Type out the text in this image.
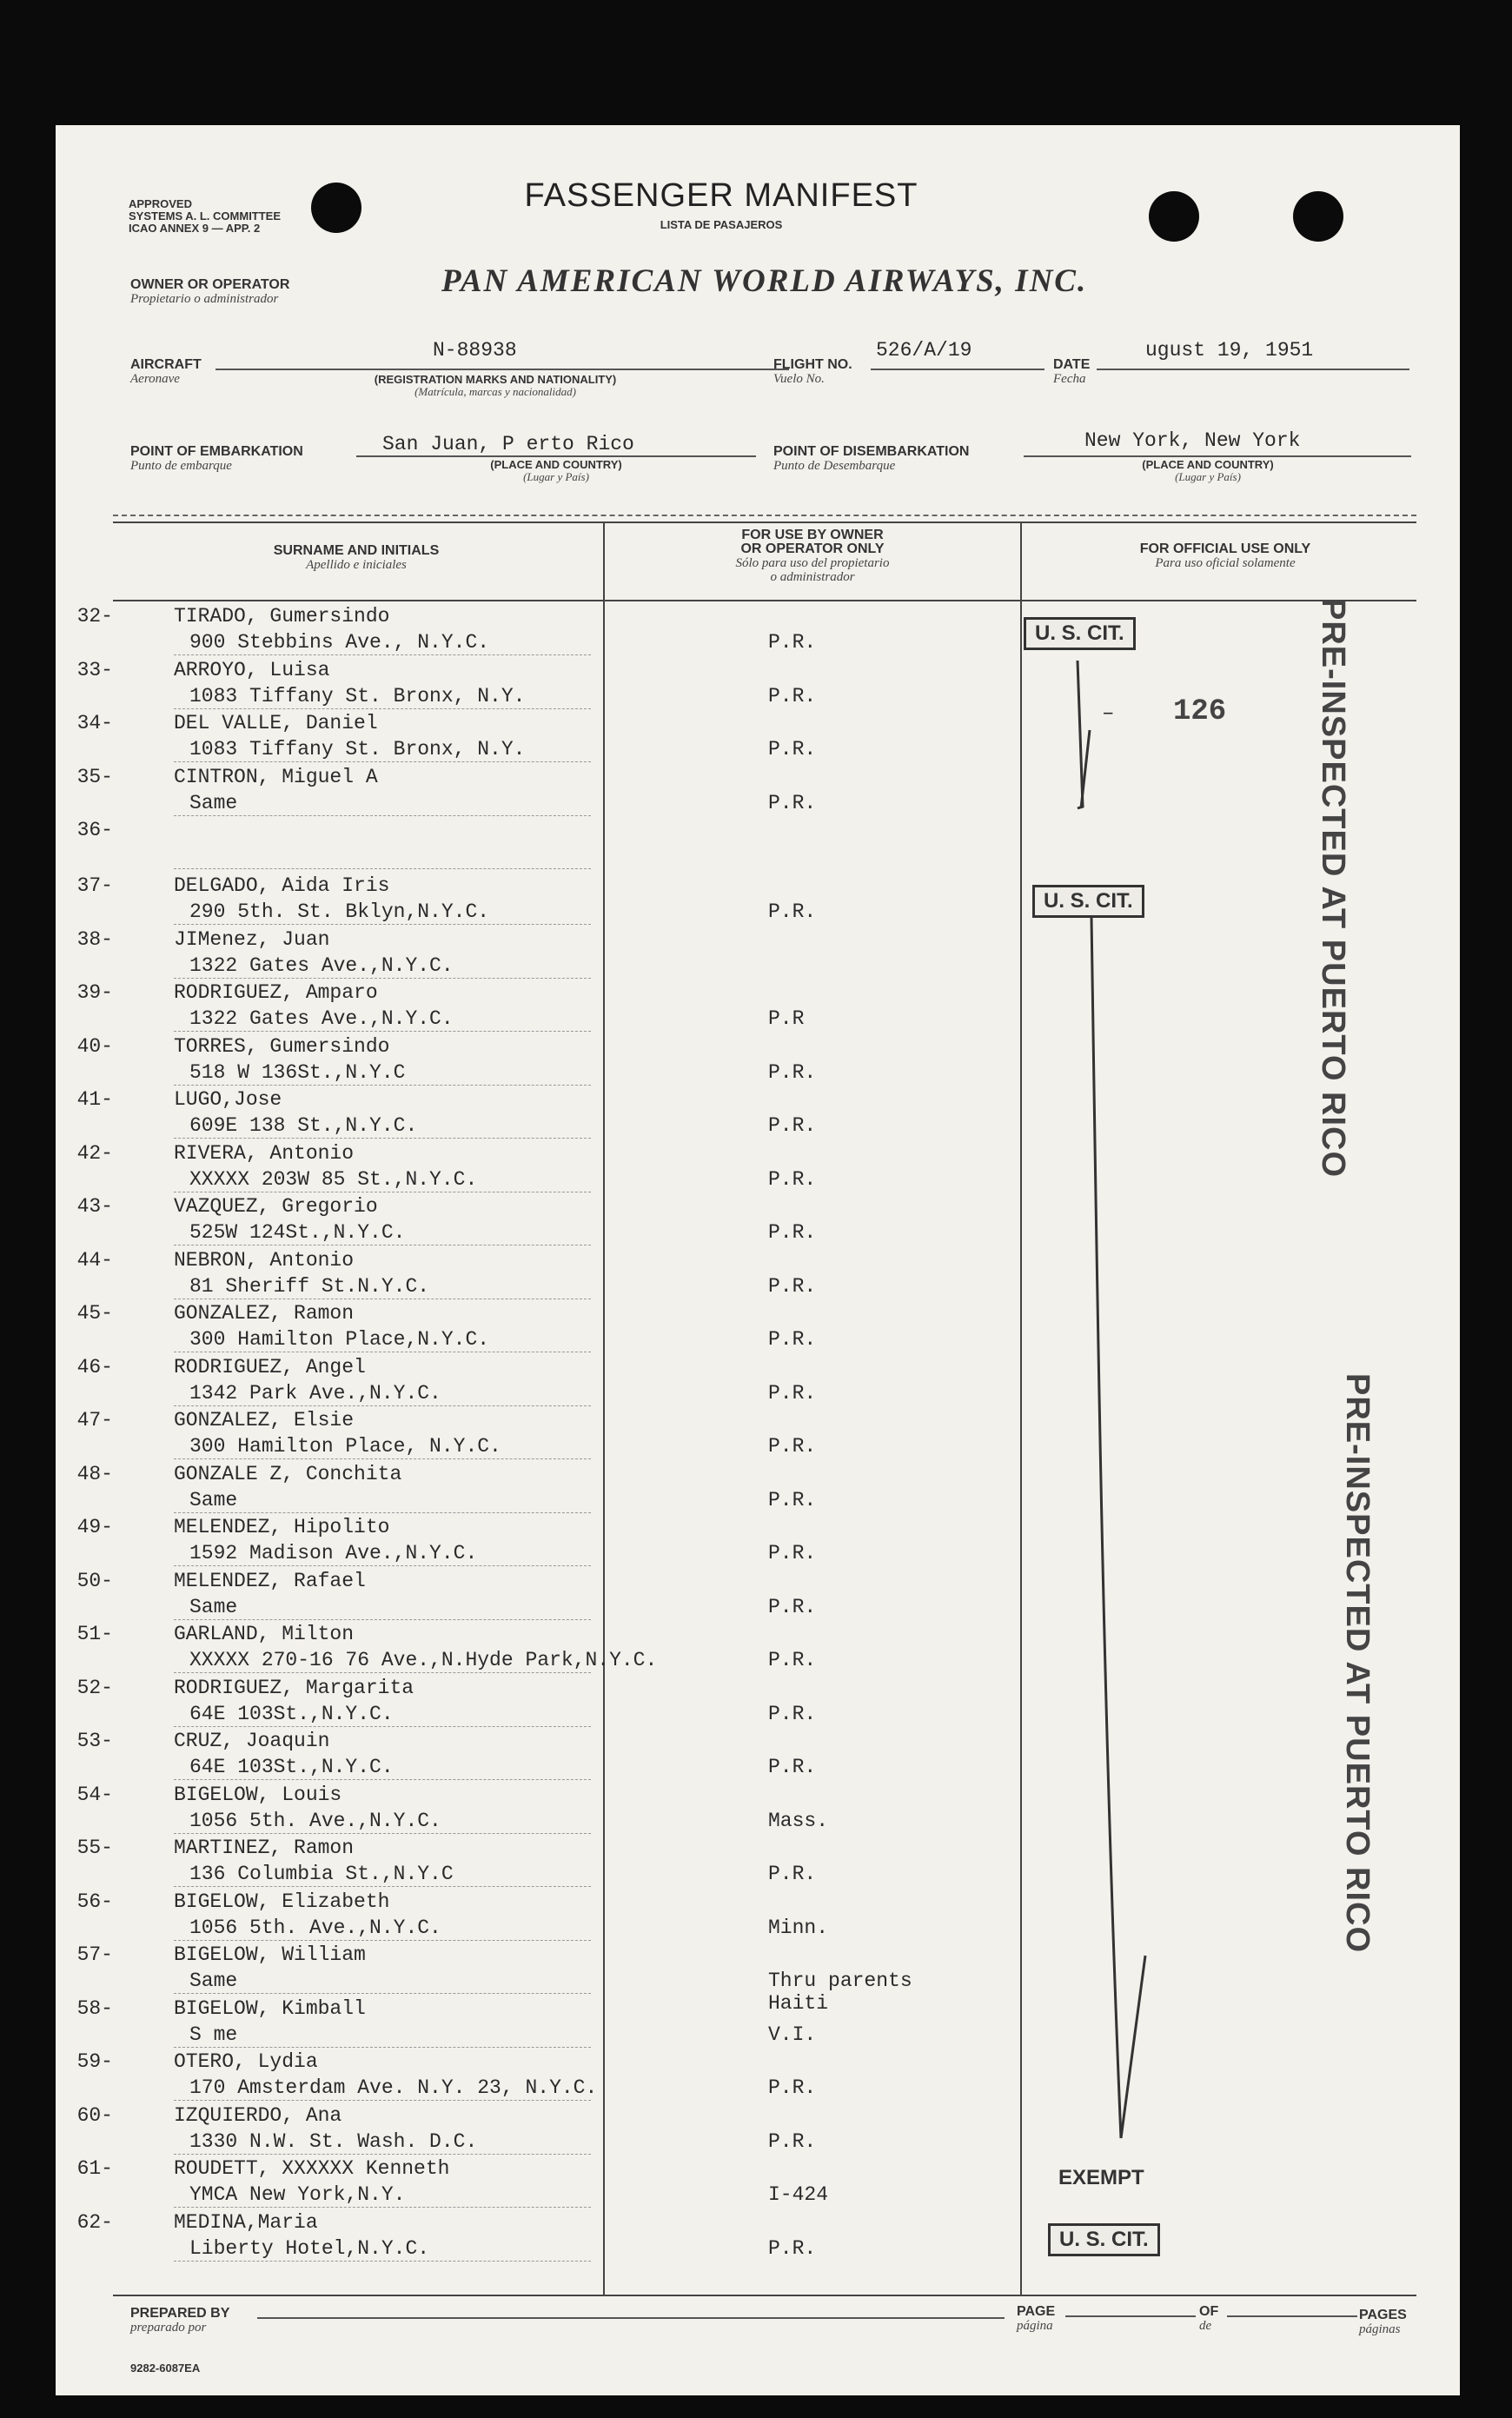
APPROVED
SYSTEMS A. L. COMMITTEE
ICAO ANNEX 9 — APP. 2
FASSENGER MANIFEST
LISTA DE PASAJEROS
OWNER OR OPERATOR
Propietario o administrador	PAN AMERICAN WORLD AIRWAYS, INC.
AIRCRAFT
Aeronave
N-88938
(REGISTRATION MARKS AND NATIONALITY)
(Matrícula, marcas y nacionalidad)
FLIGHT NO.
Vuelo No.
526/A/19
DATE
Fecha
ugust 19, 1951
POINT OF EMBARKATION
Punto de embarque
San Juan, P erto Rico
(PLACE AND COUNTRY)
(Lugar y País)
POINT OF DISEMBARKATION
Punto de Desembarque
New York, New York
(PLACE AND COUNTRY)
(Lugar y País)
SURNAME AND INITIALS
Apellido e iniciales
FOR USE BY OWNER
OR OPERATOR ONLY
Sólo para uso del propietario
o administrador
FOR OFFICIAL USE ONLY
Para uso oficial solamente
32-	TIRADO, Gumersindo
900 Stebbins Ave., N.Y.C.	P.R.
33-	ARROYO, Luisa
1083 Tiffany St. Bronx, N.Y.	P.R.
34-	DEL VALLE, Daniel
1083 Tiffany St. Bronx, N.Y.	P.R.
35-	CINTRON, Miguel A
Same	P.R.
36-
37-	DELGADO, Aida Iris
290 5th. St. Bklyn,N.Y.C.	P.R.
38-	JIMenez, Juan
1322 Gates Ave.,N.Y.C.
39-	RODRIGUEZ, Amparo
1322 Gates Ave.,N.Y.C.	P.R
40-	TORRES, Gumersindo
518 W 136St.,N.Y.C	P.R.
41-	LUGO,Jose
609E 138 St.,N.Y.C.	P.R.
42-	RIVERA, Antonio
XXXXX 203W 85 St.,N.Y.C.	P.R.
43-	VAZQUEZ, Gregorio
525W 124St.,N.Y.C.	P.R.
44-	NEBRON, Antonio
81 Sheriff St.N.Y.C.	P.R.
45-	GONZALEZ, Ramon
300 Hamilton Place,N.Y.C.	P.R.
46-	RODRIGUEZ, Angel
1342 Park Ave.,N.Y.C.	P.R.
47-	GONZALEZ, Elsie
300 Hamilton Place, N.Y.C.	P.R.
48-	GONZALE Z, Conchita
Same	P.R.
49-	MELENDEZ, Hipolito
1592 Madison Ave.,N.Y.C.	P.R.
50-	MELENDEZ, Rafael
Same	P.R.
51-	GARLAND, Milton
XXXXX 270-16 76 Ave.,N.Hyde Park,N.Y.C.	P.R.
52-	RODRIGUEZ, Margarita
64E 103St.,N.Y.C.	P.R.
53-	CRUZ, Joaquin
64E 103St.,N.Y.C.	P.R.
54-	BIGELOW, Louis
1056 5th. Ave.,N.Y.C.	Mass.
55-	MARTINEZ, Ramon
136 Columbia St.,N.Y.C	P.R.
56-	BIGELOW, Elizabeth
1056 5th. Ave.,N.Y.C.	Minn.
57-	BIGELOW, William
Same	Thru parents
Haiti
58-	BIGELOW, Kimball
S me	V.I.
59-	OTERO, Lydia
170 Amsterdam Ave. N.Y. 23, N.Y.C.	P.R.
60-	IZQUIERDO, Ana
1330 N.W. St. Wash. D.C.	P.R.
61-	ROUDETT, XXXXXX Kenneth
YMCA New York,N.Y.	I-424
62-	MEDINA,Maria
Liberty Hotel,N.Y.C.	P.R.
U. S. CIT.
– 126
U. S. CIT.
EXEMPT
U. S. CIT.
PRE-INSPECTED AT PUERTO RICO
PRE-INSPECTED AT PUERTO RICO
PREPARED BY
preparado por
PAGE
página
OF
de
PAGES
páginas
9282-6087EA
